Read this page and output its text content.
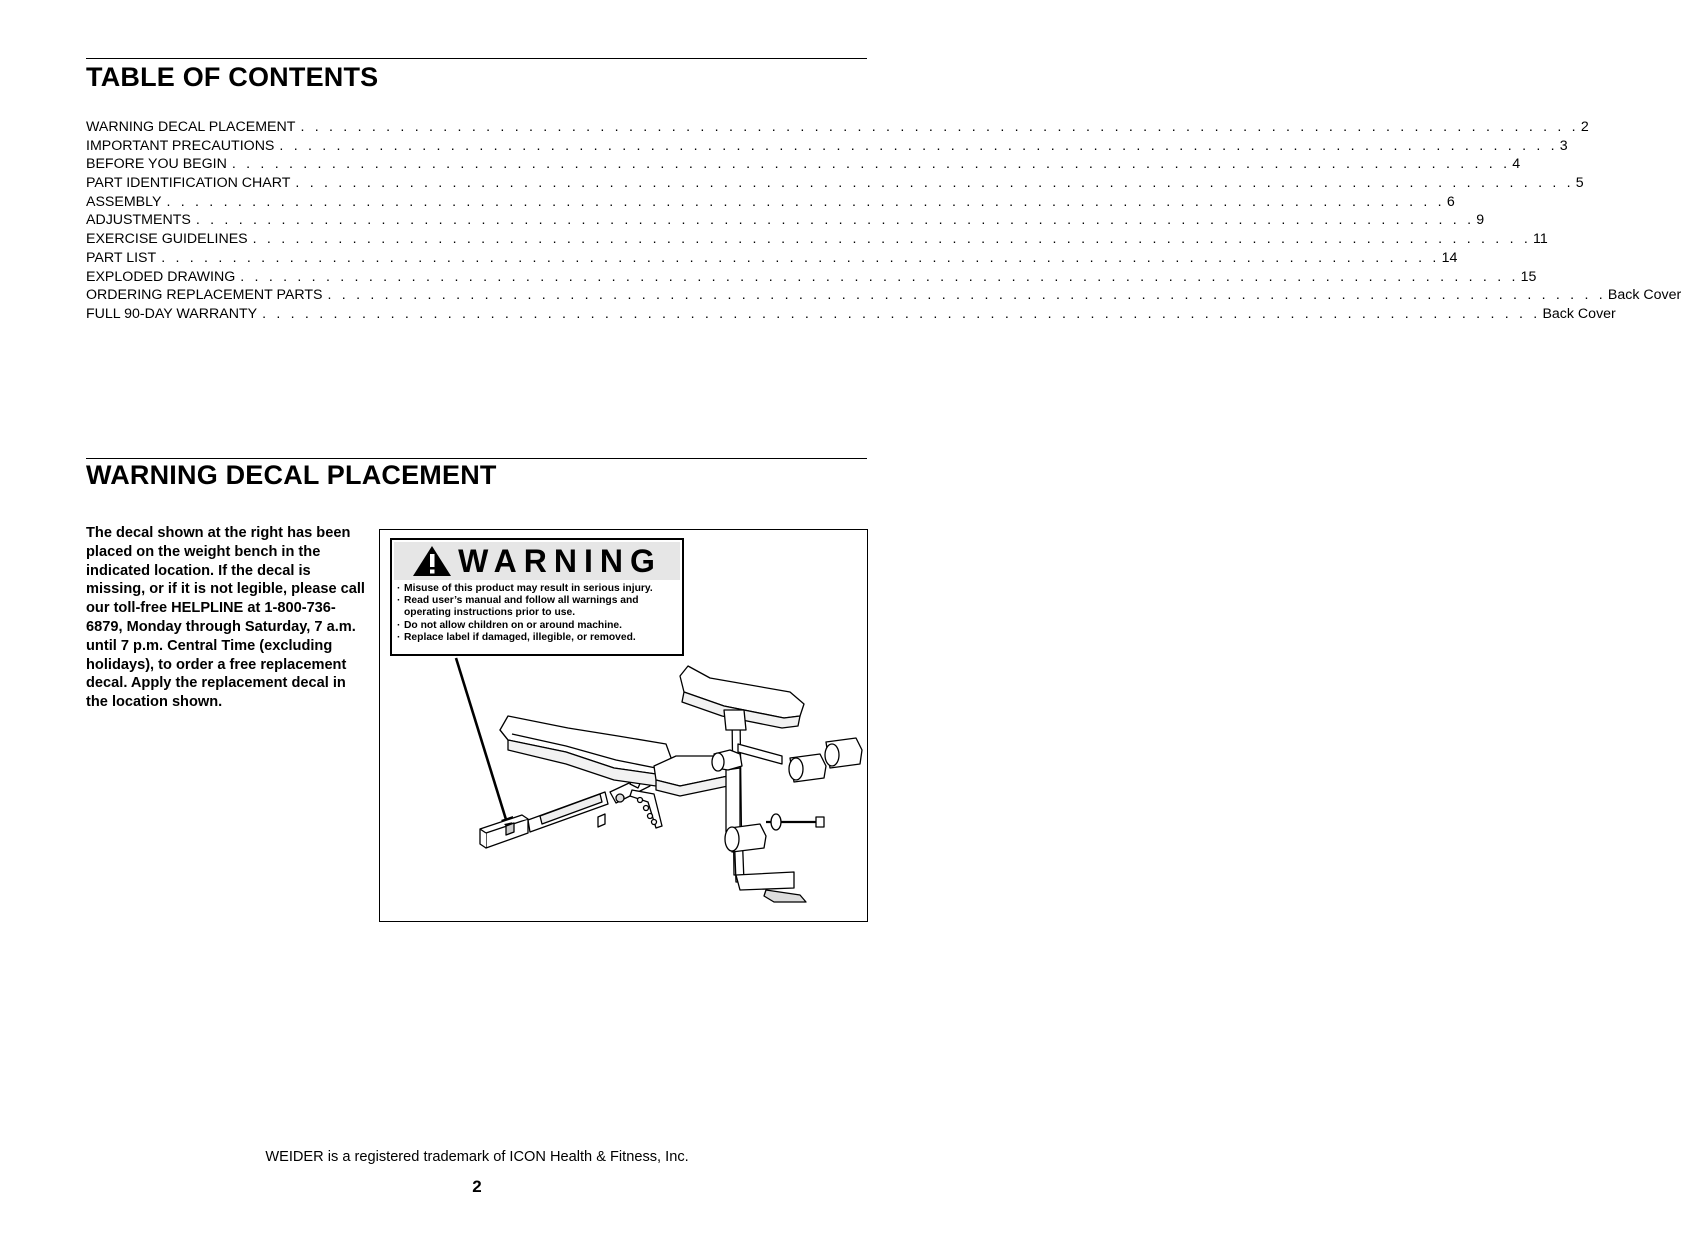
TABLE OF CONTENTS
WARNING DECAL PLACEMENT . . . . . . . . . . . . . . . . . . . . . . . . . . . . . . . . . . . . . . . . . . . . . . . . . . . . . . . . . . . . . . . . . . . . . . . . . . . . . . . . . . . . . . . . . . 2
IMPORTANT PRECAUTIONS . . . . . . . . . . . . . . . . . . . . . . . . . . . . . . . . . . . . . . . . . . . . . . . . . . . . . . . . . . . . . . . . . . . . . . . . . . . . . . . . . . . . . . . . . . 3
BEFORE YOU BEGIN . . . . . . . . . . . . . . . . . . . . . . . . . . . . . . . . . . . . . . . . . . . . . . . . . . . . . . . . . . . . . . . . . . . . . . . . . . . . . . . . . . . . . . . . . . 4
PART IDENTIFICATION CHART . . . . . . . . . . . . . . . . . . . . . . . . . . . . . . . . . . . . . . . . . . . . . . . . . . . . . . . . . . . . . . . . . . . . . . . . . . . . . . . . . . . . . . . . . . 5
ASSEMBLY . . . . . . . . . . . . . . . . . . . . . . . . . . . . . . . . . . . . . . . . . . . . . . . . . . . . . . . . . . . . . . . . . . . . . . . . . . . . . . . . . . . . . . . . . . 6
ADJUSTMENTS . . . . . . . . . . . . . . . . . . . . . . . . . . . . . . . . . . . . . . . . . . . . . . . . . . . . . . . . . . . . . . . . . . . . . . . . . . . . . . . . . . . . . . . . . . 9
EXERCISE GUIDELINES . . . . . . . . . . . . . . . . . . . . . . . . . . . . . . . . . . . . . . . . . . . . . . . . . . . . . . . . . . . . . . . . . . . . . . . . . . . . . . . . . . . . . . . . . . 11
PART LIST . . . . . . . . . . . . . . . . . . . . . . . . . . . . . . . . . . . . . . . . . . . . . . . . . . . . . . . . . . . . . . . . . . . . . . . . . . . . . . . . . . . . . . . . . . 14
EXPLODED DRAWING . . . . . . . . . . . . . . . . . . . . . . . . . . . . . . . . . . . . . . . . . . . . . . . . . . . . . . . . . . . . . . . . . . . . . . . . . . . . . . . . . . . . . . . . . . 15
ORDERING REPLACEMENT PARTS . . . . . . . . . . . . . . . . . . . . . . . . . . . . . . . . . . . . . . . . . . . . . . . . . . . . . . . . . . . . . . . . . . . . . . . . . . . . . . . . . . . . . . . . . . Back Cover
FULL 90-DAY WARRANTY . . . . . . . . . . . . . . . . . . . . . . . . . . . . . . . . . . . . . . . . . . . . . . . . . . . . . . . . . . . . . . . . . . . . . . . . . . . . . . . . . . . . . . . . . . Back Cover
WARNING DECAL PLACEMENT

The decal shown at the right has been placed on the weight bench in the indicated location. If the decal is missing, or if it is not legible, please call our toll-free HELPLINE at 1-800-736-6879, Monday through Saturday, 7 a.m. until 7 p.m. Central Time (excluding holidays), to order a free replacement decal. Apply the replacement decal in the location shown.

WARNING
· Misuse of this product may result in serious injury.
· Read user’s manual and follow all warnings and operating instructions prior to use.
· Do not allow children on or around machine.
· Replace label if damaged, illegible, or removed.
WEIDER is a registered trademark of ICON Health & Fitness, Inc.
2
